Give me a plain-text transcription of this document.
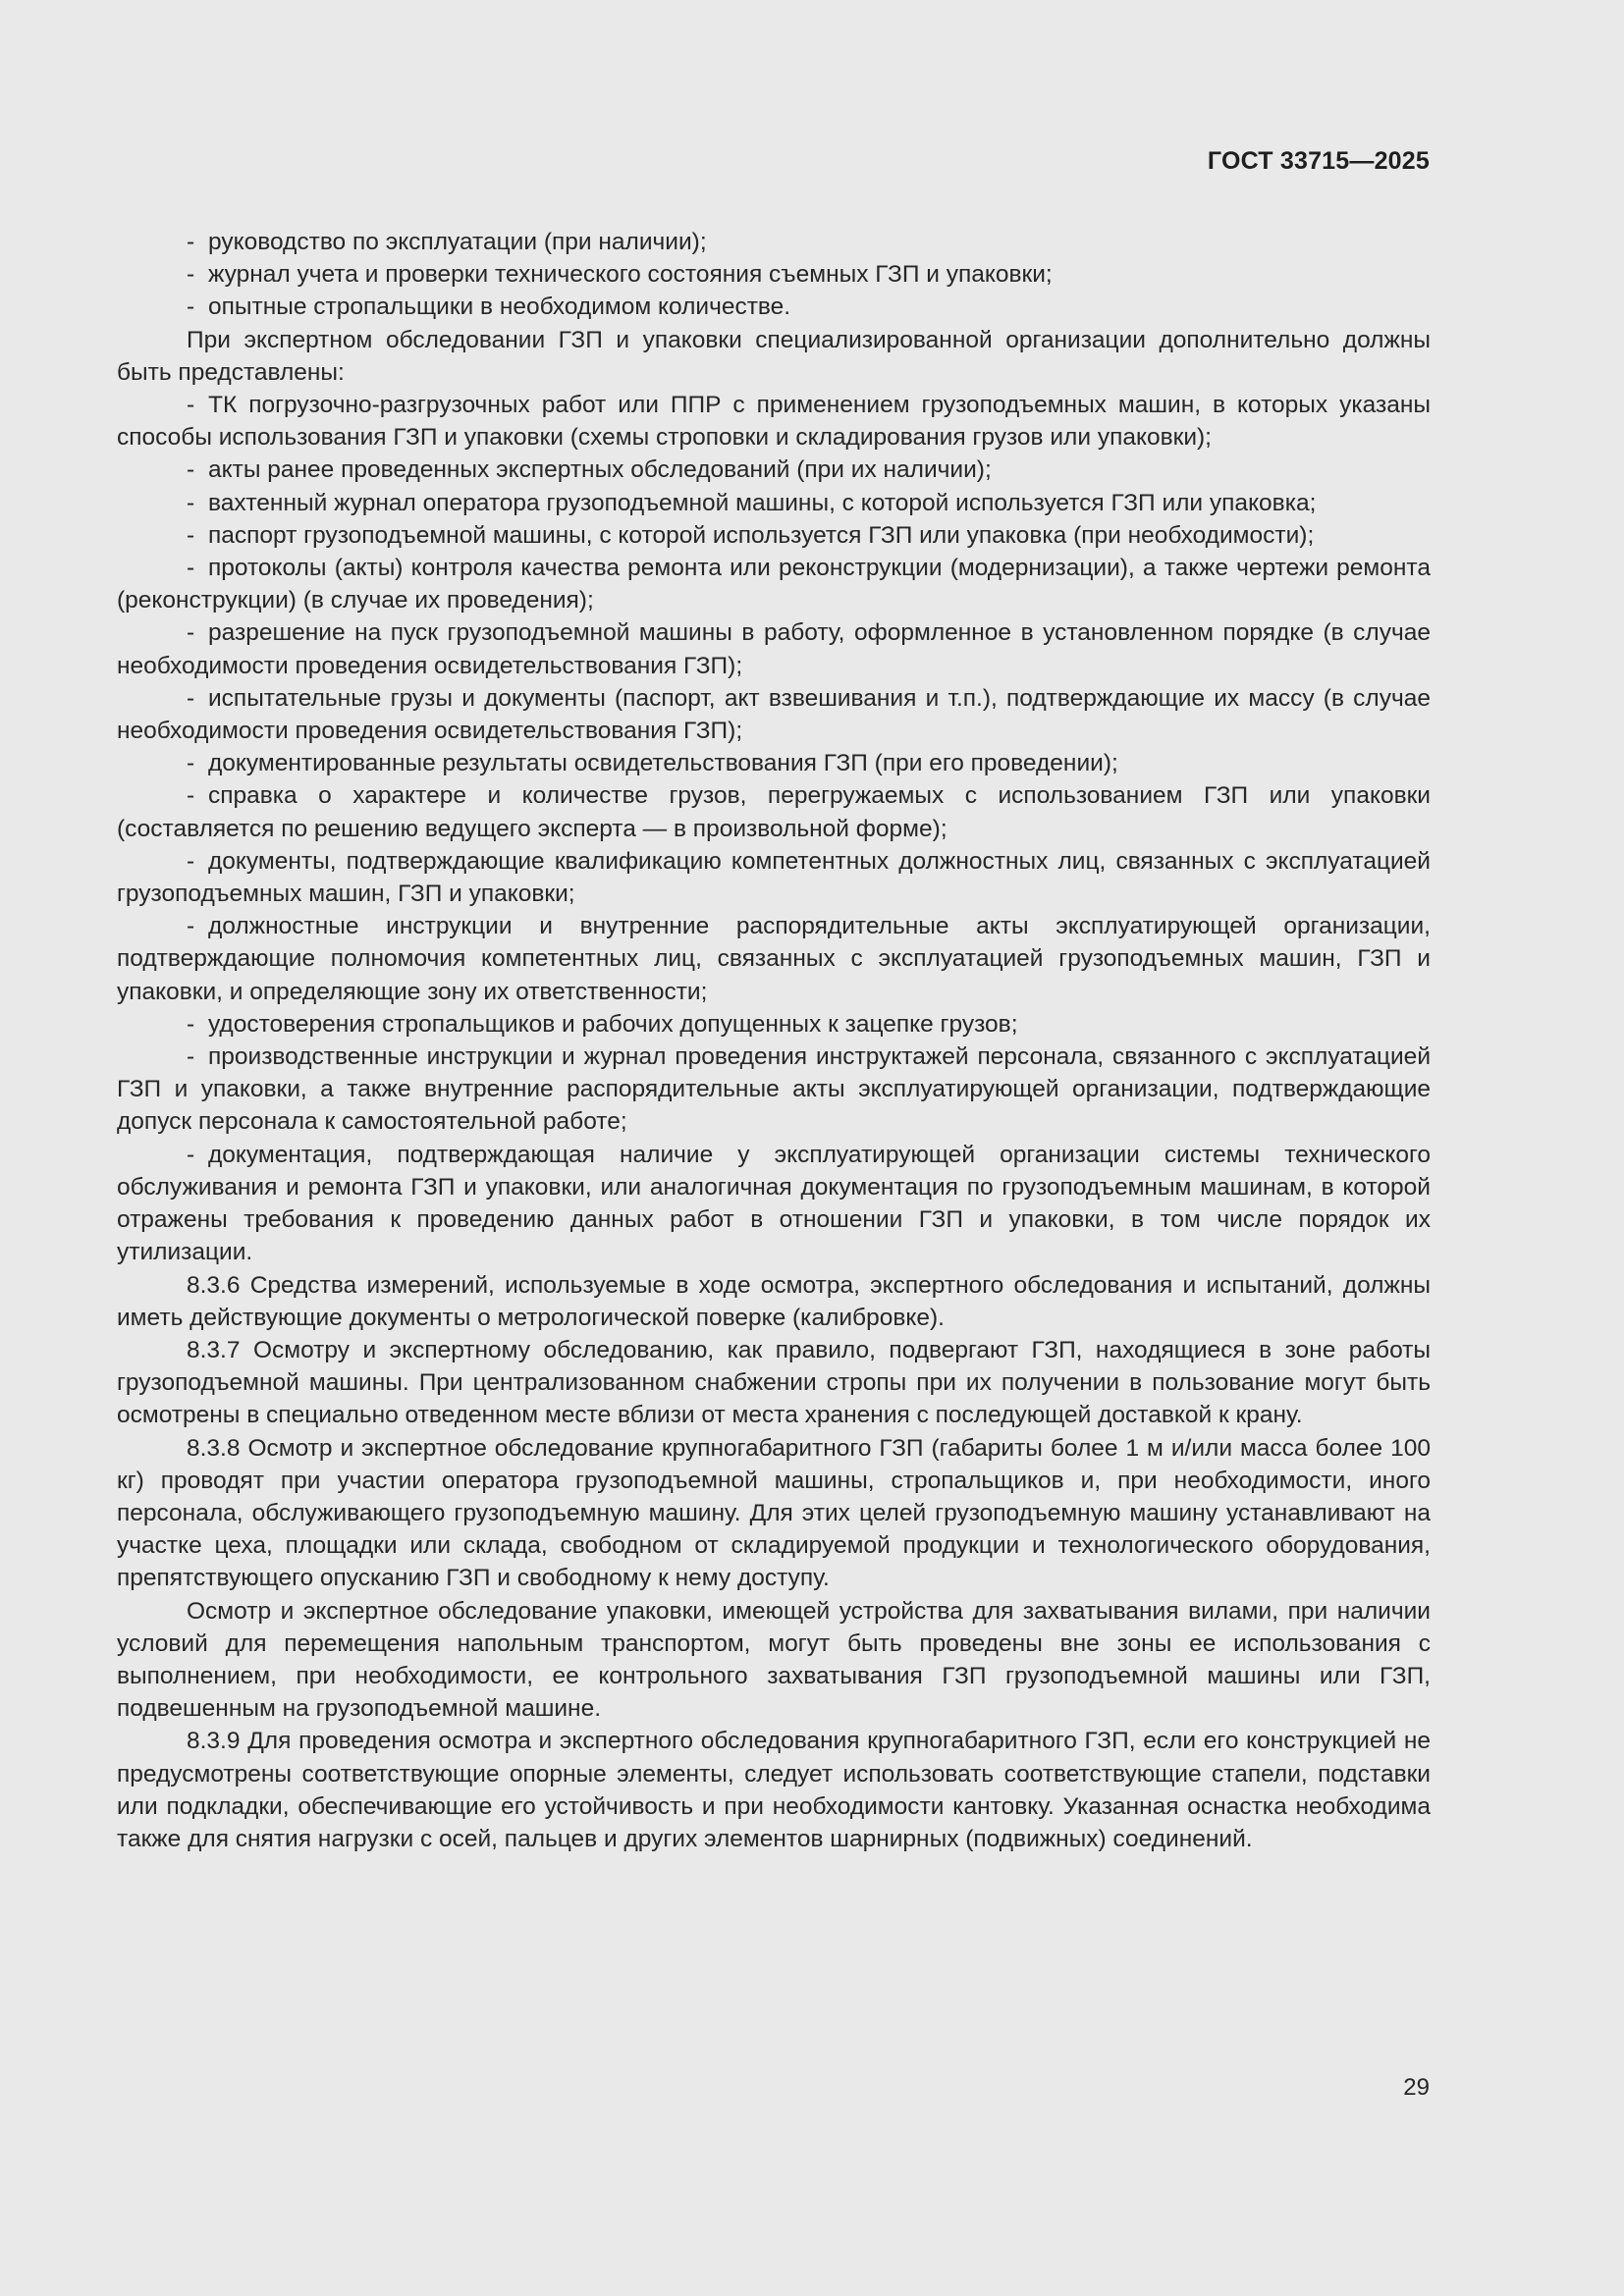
ГОСТ 33715—2025

- руководство по эксплуатации (при наличии);

- журнал учета и проверки технического состояния съемных ГЗП и упаковки;

- опытные стропальщики в необходимом количестве.

При экспертном обследовании ГЗП и упаковки специализированной организации дополнительно должны быть представлены:

- ТК погрузочно-разгрузочных работ или ППР с применением грузоподъемных машин, в которых указаны способы использования ГЗП и упаковки (схемы строповки и складирования грузов или упаковки);

- акты ранее проведенных экспертных обследований (при их наличии);

- вахтенный журнал оператора грузоподъемной машины, с которой используется ГЗП или упаковка;

- паспорт грузоподъемной машины, с которой используется ГЗП или упаковка (при необходимости);

- протоколы (акты) контроля качества ремонта или реконструкции (модернизации), а также чертежи ремонта (реконструкции) (в случае их проведения);

- разрешение на пуск грузоподъемной машины в работу, оформленное в установленном порядке (в случае необходимости проведения освидетельствования ГЗП);

- испытательные грузы и документы (паспорт, акт взвешивания и т.п.), подтверждающие их массу (в случае необходимости проведения освидетельствования ГЗП);

- документированные результаты освидетельствования ГЗП (при его проведении);

- справка о характере и количестве грузов, перегружаемых с использованием ГЗП или упаковки (составляется по решению ведущего эксперта — в произвольной форме);

- документы, подтверждающие квалификацию компетентных должностных лиц, связанных с эксплуатацией грузоподъемных машин, ГЗП и упаковки;

- должностные инструкции и внутренние распорядительные акты эксплуатирующей организации, подтверждающие полномочия компетентных лиц, связанных с эксплуатацией грузоподъемных машин, ГЗП и упаковки, и определяющие зону их ответственности;

- удостоверения стропальщиков и рабочих допущенных к зацепке грузов;

- производственные инструкции и журнал проведения инструктажей персонала, связанного с эксплуатацией ГЗП и упаковки, а также внутренние распорядительные акты эксплуатирующей организации, подтверждающие допуск персонала к самостоятельной работе;

- документация, подтверждающая наличие у эксплуатирующей организации системы технического обслуживания и ремонта ГЗП и упаковки, или аналогичная документация по грузоподъемным машинам, в которой отражены требования к проведению данных работ в отношении ГЗП и упаковки, в том числе порядок их утилизации.

8.3.6 Средства измерений, используемые в ходе осмотра, экспертного обследования и испытаний, должны иметь действующие документы о метрологической поверке (калибровке).

8.3.7 Осмотру и экспертному обследованию, как правило, подвергают ГЗП, находящиеся в зоне работы грузоподъемной машины. При централизованном снабжении стропы при их получении в пользование могут быть осмотрены в специально отведенном месте вблизи от места хранения с последующей доставкой к крану.

8.3.8 Осмотр и экспертное обследование крупногабаритного ГЗП (габариты более 1 м и/или масса более 100 кг) проводят при участии оператора грузоподъемной машины, стропальщиков и, при необходимости, иного персонала, обслуживающего грузоподъемную машину. Для этих целей грузоподъемную машину устанавливают на участке цеха, площадки или склада, свободном от складируемой продукции и технологического оборудования, препятствующего опусканию ГЗП и свободному к нему доступу.

Осмотр и экспертное обследование упаковки, имеющей устройства для захватывания вилами, при наличии условий для перемещения напольным транспортом, могут быть проведены вне зоны ее использования с выполнением, при необходимости, ее контрольного захватывания ГЗП грузоподъемной машины или ГЗП, подвешенным на грузоподъемной машине.

8.3.9 Для проведения осмотра и экспертного обследования крупногабаритного ГЗП, если его конструкцией не предусмотрены соответствующие опорные элементы, следует использовать соответствующие стапели, подставки или подкладки, обеспечивающие его устойчивость и при необходимости кантовку. Указанная оснастка необходима также для снятия нагрузки с осей, пальцев и других элементов шарнирных (подвижных) соединений.

29
